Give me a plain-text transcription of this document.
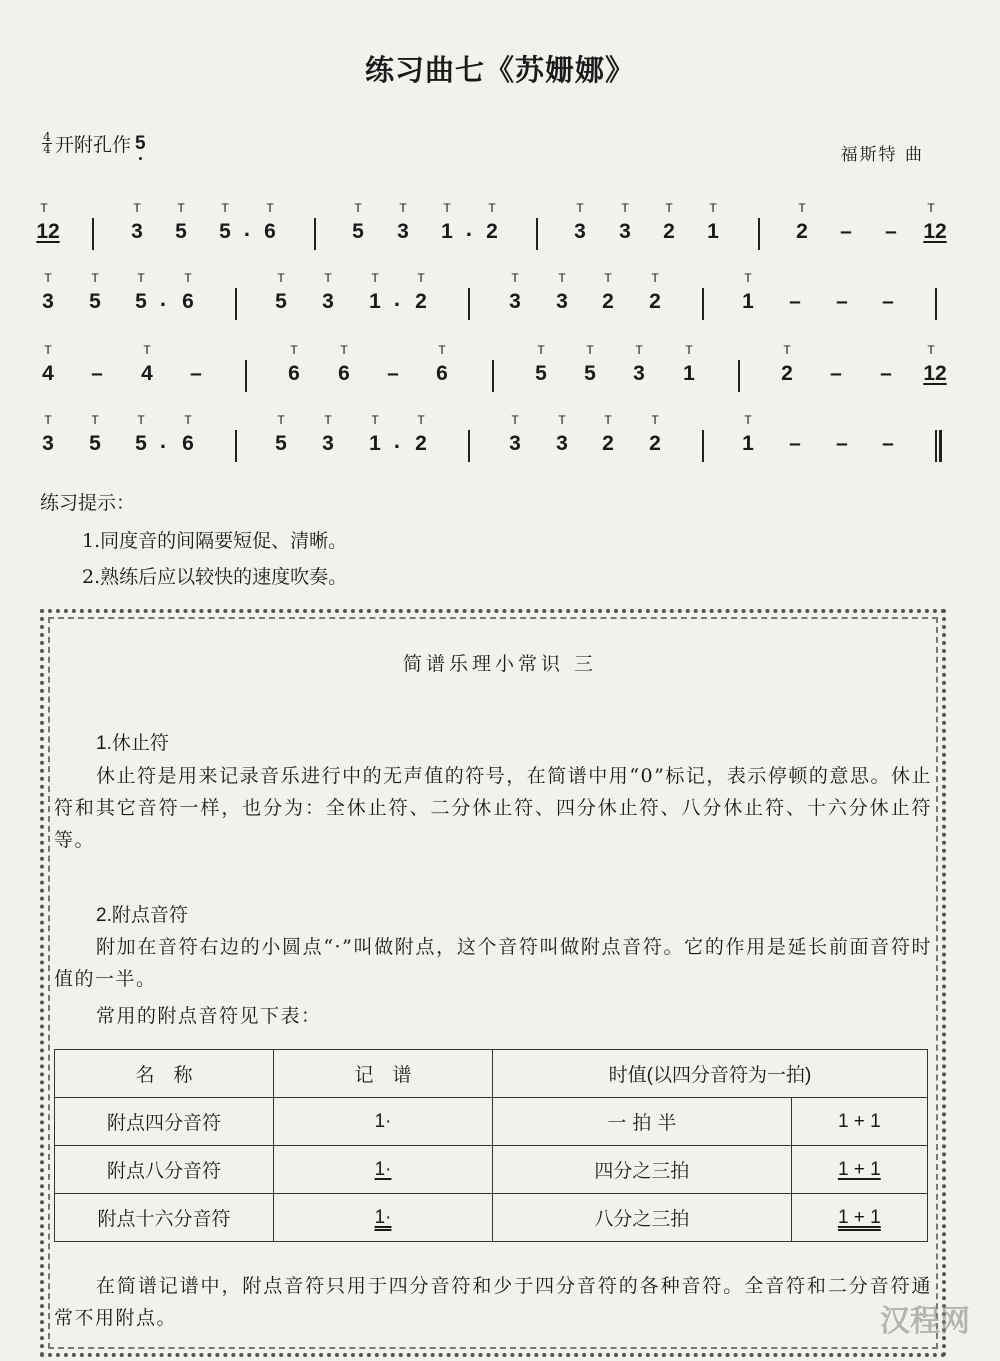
练习曲七《苏姗娜》
$\frac{4}{4}$ 开附孔作 5
福斯特 曲
T 12	T 3	T 5	T 5 .	T 6	T 5	T 3	T 1 .	T 2	T 3	T 3	T 2	T 1	T 2	–	–	T 12
T 3	T 5	T 5 .	T 6	T 5	T 3	T 1 .	T 2	T 3	T 3	T 2	T 2	T 1	–	–	–
T 4	–	T 4	–	T 6	T 6	–	T 6	T 5	T 5	T 3	T 1	T 2	–	–	T 12
T 3	T 5	T 5 .	T 6	T 5	T 3	T 1 .	T 2	T 3	T 3	T 2	T 2	T 1	–	–	–
练习提示：
1.同度音的间隔要短促、清晰。
2.熟练后应以较快的速度吹奏。
简谱乐理小常识 三
1.休止符
休止符是用来记录音乐进行中的无声值的符号，在简谱中用“0”标记，表示停顿的意思。休止符和其它音符一样，也分为：全休止符、二分休止符、四分休止符、八分休止符、十六分休止符等。
2.附点音符
附加在音符右边的小圆点“·”叫做附点，这个音符叫做附点音符。它的作用是延长前面音符时值的一半。
常用的附点音符见下表：
名　称	记　谱	时值(以四分音符为一拍)	
附点四分音符	1·	一 拍 半	1 + 1
附点八分音符	1·	四分之三拍	1 + 1
附点十六分音符	1·	八分之三拍	1 + 1
在简谱记谱中，附点音符只用于四分音符和少于四分音符的各种音符。全音符和二分音符通常不用附点。	汉程网
